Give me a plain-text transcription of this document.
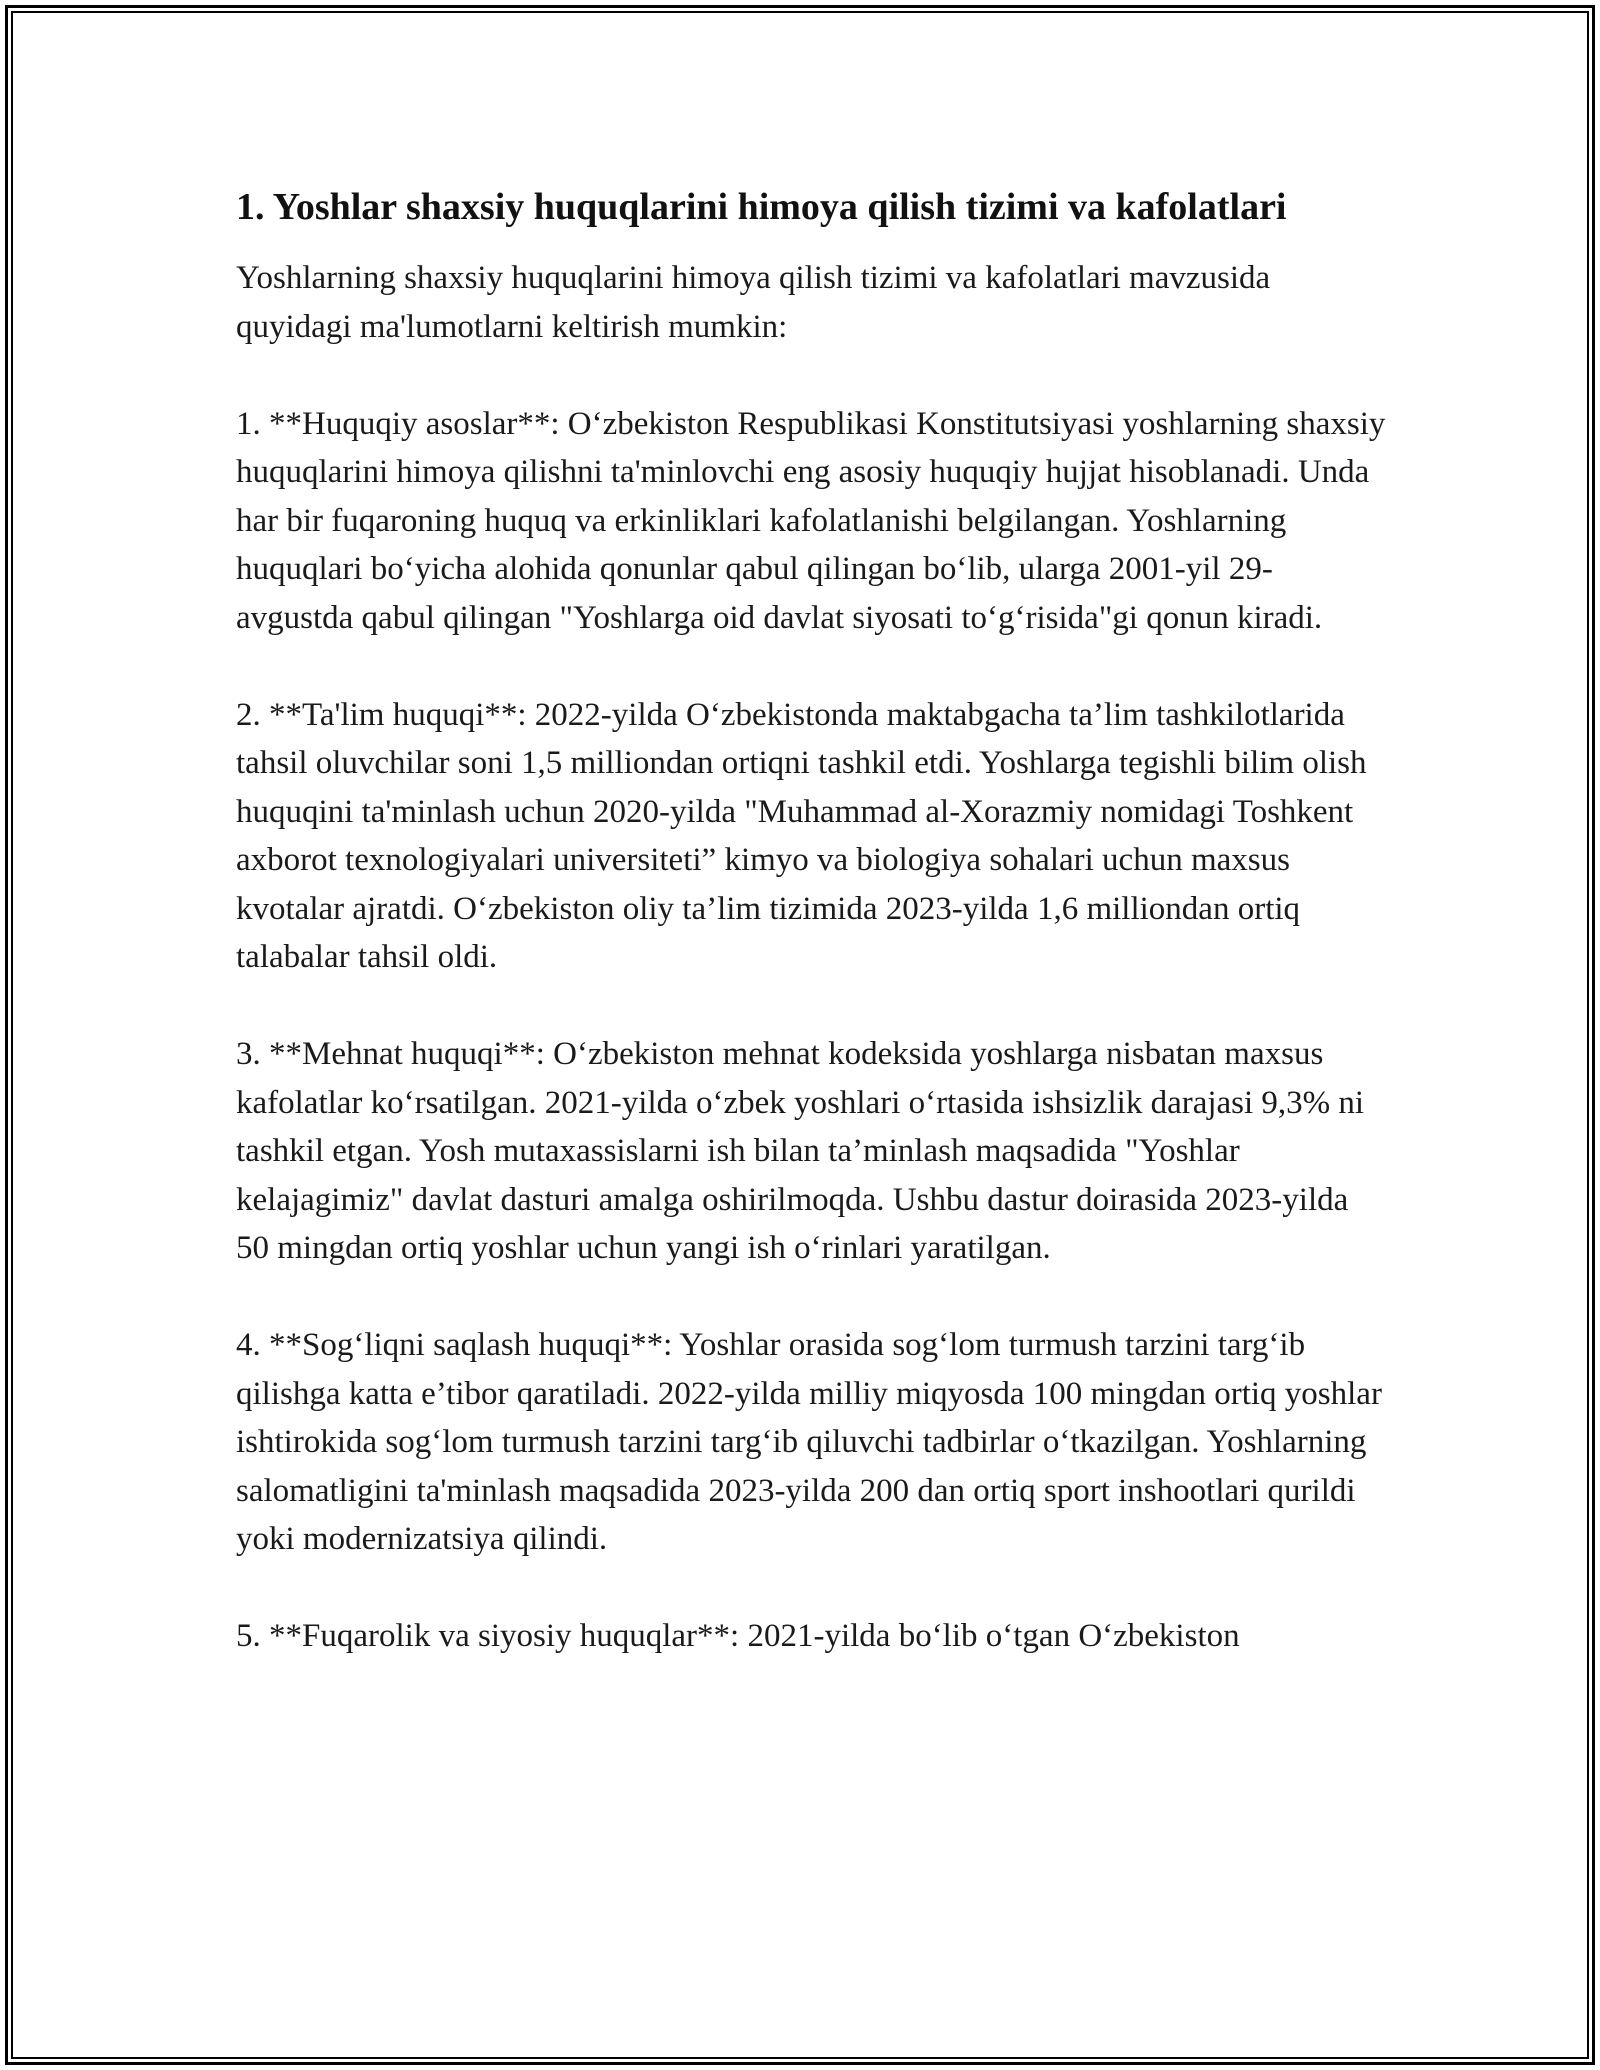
1. Yoshlar shaxsiy huquqlarini himoya qilish tizimi va kafolatlari

Yoshlarning shaxsiy huquqlarini himoya qilish tizimi va kafolatlari mavzusida quyidagi ma'lumotlarni keltirish mumkin:

1. **Huquqiy asoslar**: O‘zbekiston Respublikasi Konstitutsiyasi yoshlarning shaxsiy huquqlarini himoya qilishni ta'minlovchi eng asosiy huquqiy hujjat hisoblanadi. Unda har bir fuqaroning huquq va erkinliklari kafolatlanishi belgilangan. Yoshlarning huquqlari bo‘yicha alohida qonunlar qabul qilingan bo‘lib, ularga 2001-yil 29-avgustda qabul qilingan "Yoshlarga oid davlat siyosati to‘g‘risida"gi qonun kiradi.

2. **Ta'lim huquqi**: 2022-yilda O‘zbekistonda maktabgacha ta’lim tashkilotlarida tahsil oluvchilar soni 1,5 milliondan ortiqni tashkil etdi. Yoshlarga tegishli bilim olish huquqini ta'minlash uchun 2020-yilda "Muhammad al-Xorazmiy nomidagi Toshkent axborot texnologiyalari universiteti” kimyo va biologiya sohalari uchun maxsus kvotalar ajratdi. O‘zbekiston oliy ta’lim tizimida 2023-yilda 1,6 milliondan ortiq talabalar tahsil oldi.

3. **Mehnat huquqi**: O‘zbekiston mehnat kodeksida yoshlarga nisbatan maxsus kafolatlar ko‘rsatilgan. 2021-yilda o‘zbek yoshlari o‘rtasida ishsizlik darajasi 9,3% ni tashkil etgan. Yosh mutaxassislarni ish bilan ta’minlash maqsadida "Yoshlar kelajagimiz" davlat dasturi amalga oshirilmoqda. Ushbu dastur doirasida 2023-yilda 50 mingdan ortiq yoshlar uchun yangi ish o‘rinlari yaratilgan.

4. **Sog‘liqni saqlash huquqi**: Yoshlar orasida sog‘lom turmush tarzini targ‘ib qilishga katta e’tibor qaratiladi. 2022-yilda milliy miqyosda 100 mingdan ortiq yoshlar ishtirokida sog‘lom turmush tarzini targ‘ib qiluvchi tadbirlar o‘tkazilgan. Yoshlarning salomatligini ta'minlash maqsadida 2023-yilda 200 dan ortiq sport inshootlari qurildi yoki modernizatsiya qilindi.

5. **Fuqarolik va siyosiy huquqlar**: 2021-yilda bo‘lib o‘tgan O‘zbekiston
